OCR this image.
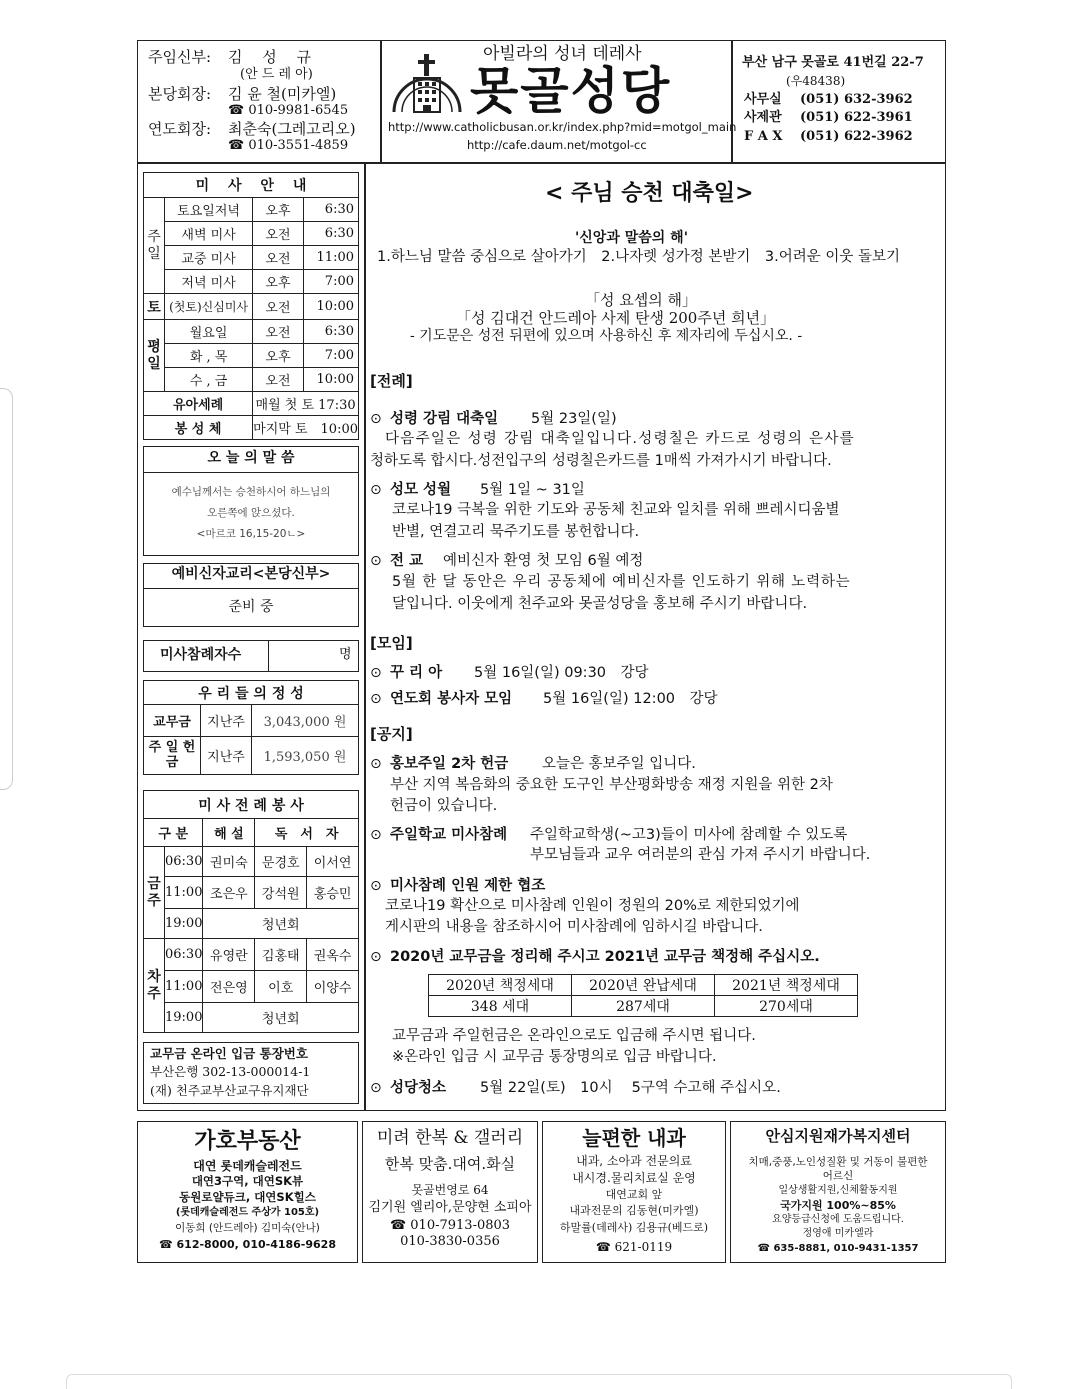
주임신부: 김　 성　 규
(안 드 레 아)
본당회장: 김 윤 철(미카엘)
☎ 010-9981-6545
연도회장: 최춘숙(그레고리오)
☎ 010-3551-4859
아빌라의 성녀 데레사
못골성당
http://www.catholicbusan.or.kr/index.php?mid=motgol_main
http://cafe.daum.net/motgol-cc
부산 남구 못골로 41번길 22-7
(우48438)
사무실 (051) 632-3962
사제관 (051) 622-3961
F A X (051) 622-3962
미　 사　 안　 내			
주일	토요일저녁	오후	6:30
	새벽 미사	오전	6:30
	교중 미사	오전	11:00
	저녁 미사	오후	7:00
토	(첫토)신심미사	오전	10:00
평일	월요일	오전	6:30
	화 , 목	오후	7:00
	수 , 금	오전	10:00
유아세례		매월 첫 토 17:30	
봉 성 체		마지막 토　10:00	
오 늘 의 말 씀
예수님께서는 승천하시어 하느님의
오른쪽에 앉으셨다.
<마르코 16,15-20ㄴ>
예비신자교리<본당신부>
준비 중
미사참례자수	명
우 리 들 의 정 성		
교무금	지난주	3,043,000 원
주 일 헌 금	지난주	1,593,050 원
미 사 전 례 봉 사				
구 분		해 설	독　서　자	
금주	06:30	권미숙	문경호	이서연
	11:00	조은우	강석원	홍승민
	19:00	청년회		
차주	06:30	유영란	김홍태	권옥수
	11:00	전은영	이호	이양수
	19:00	청년회		
교무금 온라인 입금 통장번호
부산은행 302-13-000014-1
(재) 천주교부산교구유지재단
< 주님 승천 대축일>
'신앙과 말씀의 해'
1.하느님 말씀 중심으로 살아가기　2.나자렛 성가정 본받기　3.어려운 이웃 돌보기
「성 요셉의 해」
「성 김대건 안드레아 사제 탄생 200주년 희년」
- 기도문은 성전 뒤편에 있으며 사용하신 후 제자리에 두십시오. -
[전례]
⊙ 성령 강림 대축일 5월 23일(일)
다음주일은 성령 강림 대축일입니다.성령칠은 카드로 성령의 은사를
청하도록 합시다.성전입구의 성령칠은카드를 1매씩 가져가시기 바랍니다.
⊙ 성모 성월 5월 1일 ~ 31일
코로나19 극복을 위한 기도와 공동체 친교와 일치를 위해 쁘레시디움별
반별, 연결고리 묵주기도를 봉헌합니다.
⊙ 전 교 예비신자 환영 첫 모임 6월 예정
5월 한 달 동안은 우리 공동체에 예비신자를 인도하기 위해 노력하는
달입니다. 이웃에게 천주교와 못골성당을 홍보해 주시기 바랍니다.
[모임]
⊙ 꾸 리 아 5월 16일(일) 09:30　강당
⊙ 연도회 봉사자 모임 5월 16일(일) 12:00　강당
[공지]
⊙ 홍보주일 2차 헌금 오늘은 홍보주일 입니다.
부산 지역 복음화의 중요한 도구인 부산평화방송 재정 지원을 위한 2차
헌금이 있습니다.
⊙ 주일학교 미사참례 주일학교학생(~고3)들이 미사에 참례할 수 있도록
부모님들과 교우 여러분의 관심 가져 주시기 바랍니다.
⊙ 미사참례 인원 제한 협조
코로나19 확산으로 미사참례 인원이 정원의 20%로 제한되었기에
게시판의 내용을 참조하시어 미사참례에 임하시길 바랍니다.
⊙ 2020년 교무금을 정리해 주시고 2021년 교무금 책정해 주십시오.
2020년 책정세대	2020년 완납세대	2021년 책정세대
348 세대	287세대	270세대
교무금과 주일헌금은 온라인으로도 입금해 주시면 됩니다.
※온라인 입금 시 교무금 통장명의로 입금 바랍니다.
⊙ 성당청소 5월 22일(토)　10시　 5구역 수고해 주십시오.
가호부동산
대연 롯데캐슬레전드
대연3구역, 대연SK뷰
동원로얄듀크, 대연SK힐스
(롯데캐슬레전드 주상가 105호)
이동희 (안드레아) 김미숙(안나)
☎ 612-8000, 010-4186-9628
미려 한복 & 갤러리
한복 맞춤.대여.화실
못골번영로 64
김기원 엘리아,문양현 소피아
☎ 010-7913-0803
010-3830-0356
늘편한 내과
내과, 소아과 전문의료
내시경.물리치료실 운영
대연교회 앞
내과전문의 김동현(미카엘)
하말률(데레사) 김용규(베드로)
☎ 621-0119
안심지원재가복지센터
치매,중풍,노인성질환 및 거동이 불편한
어르신
일상생활지원,신체활동지원
국가지원 100%~85%
요양등급신청에 도움드립니다.
정영애 미카엘라
☎ 635-8881, 010-9431-1357
